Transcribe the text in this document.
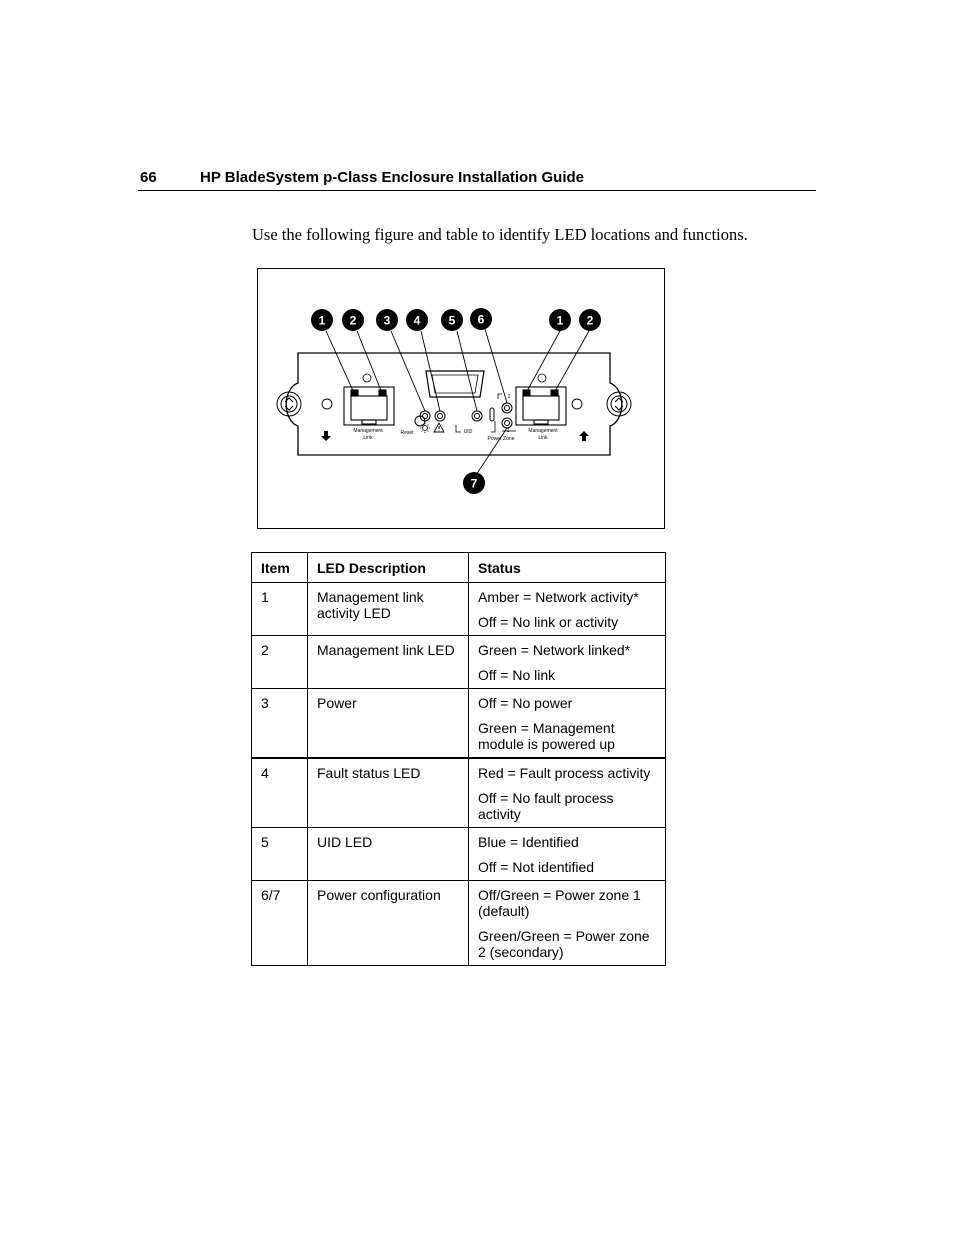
66	HP BladeSystem p-Class Enclosure Installation Guide
Use the following figure and table to identify LED locations and functions.
Management
Link
Reset	UID
Power Zone
2
1	Management
Link
1 2 3 4 5 6	1 2
7
Item	LED Description	Status
1	Management link activity LED	Amber = Network activity*

Off = No link or activity

2	Management link LED	Green = Network linked*

Off = No link

3	Power	Off = No power

Green = Management module is powered up

4	Fault status LED	Red = Fault process activity

Off = No fault process activity

5	UID LED	Blue = Identified

Off = Not identified

6/7	Power configuration	Off/Green = Power zone 1 (default)

Green/Green = Power zone 2 (secondary)
